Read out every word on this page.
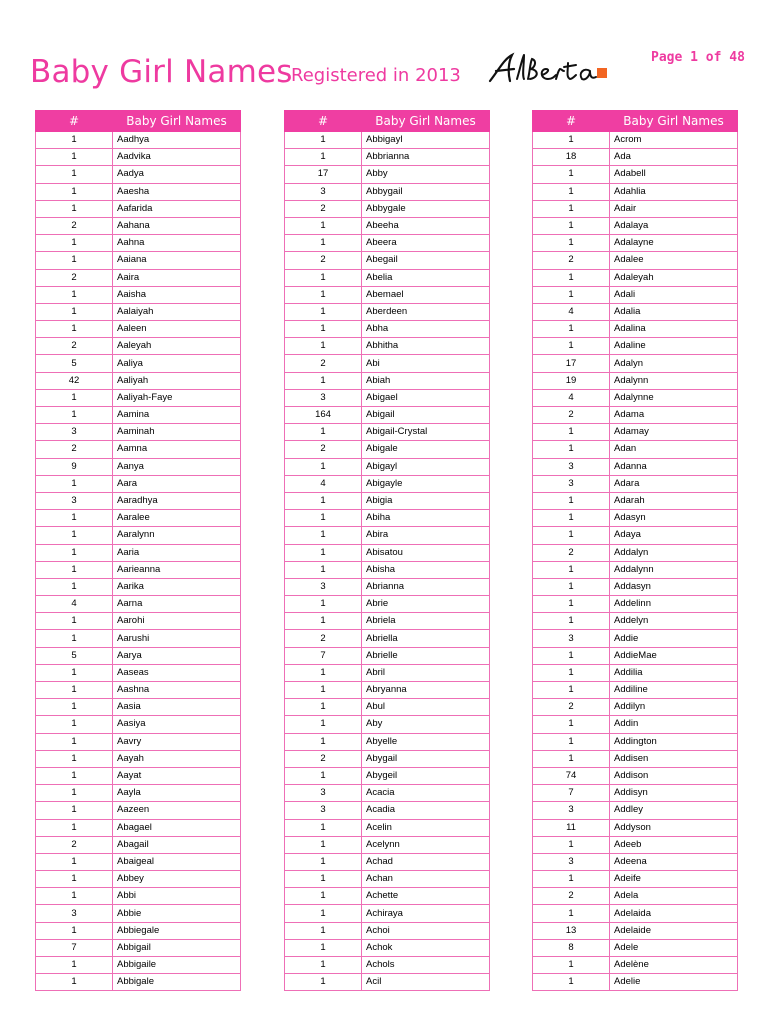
Baby Girl Names
Registered in 2013
Page 1 of 48
#	Baby Girl Names
1	Aadhya
1	Aadvika
1	Aadya
1	Aaesha
1	Aafarida
2	Aahana
1	Aahna
1	Aaiana
2	Aaira
1	Aaisha
1	Aalaiyah
1	Aaleen
2	Aaleyah
5	Aaliya
42	Aaliyah
1	Aaliyah-Faye
1	Aamina
3	Aaminah
2	Aamna
9	Aanya
1	Aara
3	Aaradhya
1	Aaralee
1	Aaralynn
1	Aaria
1	Aarieanna
1	Aarika
4	Aarna
1	Aarohi
1	Aarushi
5	Aarya
1	Aaseas
1	Aashna
1	Aasia
1	Aasiya
1	Aavry
1	Aayah
1	Aayat
1	Aayla
1	Aazeen
1	Abagael
2	Abagail
1	Abaigeal
1	Abbey
1	Abbi
3	Abbie
1	Abbiegale
7	Abbigail
1	Abbigaile
1	Abbigale
#	Baby Girl Names
1	Abbigayl
1	Abbrianna
17	Abby
3	Abbygail
2	Abbygale
1	Abeeha
1	Abeera
2	Abegail
1	Abelia
1	Abemael
1	Aberdeen
1	Abha
1	Abhitha
2	Abi
1	Abiah
3	Abigael
164	Abigail
1	Abigail-Crystal
2	Abigale
1	Abigayl
4	Abigayle
1	Abigia
1	Abiha
1	Abira
1	Abisatou
1	Abisha
3	Abrianna
1	Abrie
1	Abriela
2	Abriella
7	Abrielle
1	Abril
1	Abryanna
1	Abul
1	Aby
1	Abyelle
2	Abygail
1	Abygeil
3	Acacia
3	Acadia
1	Acelin
1	Acelynn
1	Achad
1	Achan
1	Achette
1	Achiraya
1	Achoi
1	Achok
1	Achols
1	Acil
#	Baby Girl Names
1	Acrom
18	Ada
1	Adabell
1	Adahlia
1	Adair
1	Adalaya
1	Adalayne
2	Adalee
1	Adaleyah
1	Adali
4	Adalia
1	Adalina
1	Adaline
17	Adalyn
19	Adalynn
4	Adalynne
2	Adama
1	Adamay
1	Adan
3	Adanna
3	Adara
1	Adarah
1	Adasyn
1	Adaya
2	Addalyn
1	Addalynn
1	Addasyn
1	Addelinn
1	Addelyn
3	Addie
1	AddieMae
1	Addilia
1	Addiline
2	Addilyn
1	Addin
1	Addington
1	Addisen
74	Addison
7	Addisyn
3	Addley
11	Addyson
1	Adeeb
3	Adeena
1	Adeife
2	Adela
1	Adelaida
13	Adelaide
8	Adele
1	Adelène
1	Adelie
